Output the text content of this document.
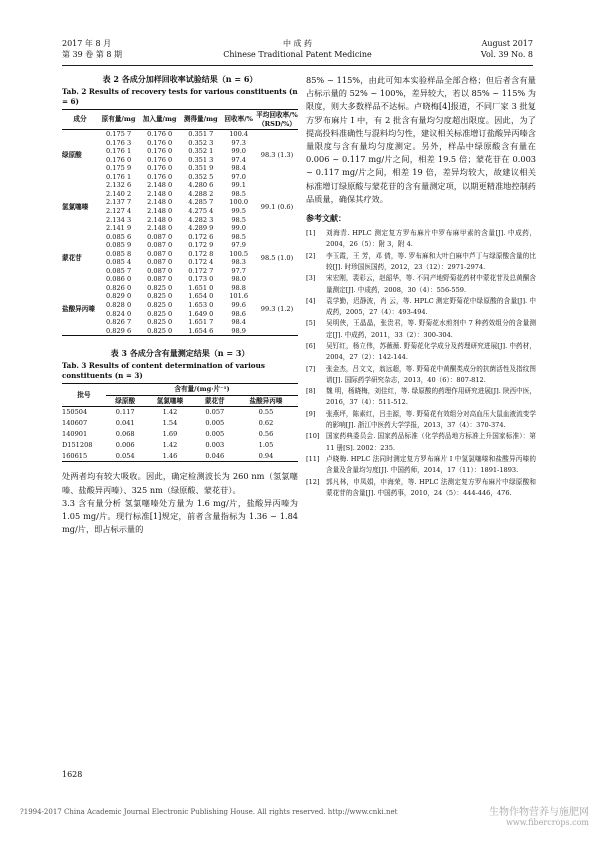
2017 年 8 月
第 39 卷 第 8 期
中 成 药
Chinese Traditional Patent Medicine
August 2017
Vol. 39 No. 8
表 2 各成分加样回收率试验结果（n = 6）
Tab. 2 Results of recovery tests for various constituents (n = 6)
成分	原有量/mg	加入量/mg	测得量/mg	回收率/%	平均回收率/%（RSD/%）
绿原酸	0.175 7	0.176 0	0.351 7	100.4	98.3 (1.3)
	0.176 3	0.176 0	0.352 3	97.3	
	0.176 1	0.176 0	0.352 1	99.0	
	0.176 0	0.176 0	0.351 3	97.4	
	0.175 9	0.176 0	0.351 9	98.4	
	0.176 1	0.176 0	0.352 5	97.0	
氢氯噻嗪	2.132 6	2.148 0	4.280 6	99.1	99.1 (0.6)
	2.140 2	2.148 0	4.288 2	98.5	
	2.137 7	2.148 0	4.285 7	100.0	
	2.127 4	2.148 0	4.275 4	99.5	
	2.134 3	2.148 0	4.282 3	98.5	
	2.141 9	2.148 0	4.289 9	99.0	
蒙花苷	0.085 6	0.087 0	0.172 6	98.5	98.5 (1.0)
	0.085 9	0.087 0	0.172 9	97.9	
	0.085 8	0.087 0	0.172 8	100.5	
	0.085 4	0.087 0	0.172 4	98.3	
	0.085 7	0.087 0	0.172 7	97.7	
	0.086 0	0.087 0	0.173 0	98.0	
盐酸异丙嗪	0.826 0	0.825 0	1.651 0	98.8	99.3 (1.2)
	0.829 0	0.825 0	1.654 0	101.6	
	0.828 0	0.825 0	1.653 0	99.6	
	0.824 0	0.825 0	1.649 0	98.6	
	0.826 7	0.825 0	1.651 7	98.4	
	0.829 6	0.825 0	1.654 6	98.9	
表 3 各成分含有量测定结果（n = 3）
Tab. 3 Results of content determination of various constituents (n = 3)
批号	含有量/(mg·片⁻¹)			
	绿原酸	氢氯噻嗪	蒙花苷	盐酸异丙嗪
150504	0.117	1.42	0.057	0.55
140607	0.041	1.54	0.005	0.62
140901	0.068	1.69	0.005	0.56
D151208	0.006	1.42	0.003	1.05
160615	0.054	1.46	0.046	0.94

处两者均有较大吸收。因此，确定检测波长为 260 nm（氢氯噻嗪、盐酸异丙嗪）、325 nm（绿原酸、蒙花苷）。

3.3 含有量分析 氢氯噻嗪处方量为 1.6 mg/片，盐酸异丙嗪为 1.05 mg/片。现行标准[1]规定，前者含量指标为 1.36 ~ 1.84 mg/片，即占标示量的

85% ~ 115%，由此可知本实验样品全部合格；但后者含有量占标示量的 52% ~ 100%，差异较大，若以 85% ~ 115% 为限度，则大多数样品不达标。卢晓梅[4]报道，不同厂家 3 批复方罗布麻片 I 中，有 2 批含有量均匀度超出限度。因此，为了提高投料准确性与混料均匀性，建议相关标准增订盐酸异丙嗪含量限度与含有量均匀度测定。另外，样品中绿原酸含有量在 0.006 ~ 0.117 mg/片之间，相差 19.5 倍；蒙花苷在 0.003 ~ 0.117 mg/片之间，相差 19 倍，差异均较大，故建议相关标准增订绿原酸与蒙花苷的含有量测定项，以期更精准地控制药品质量，确保其疗效。

参考文献：
[1]	刘海青. HPLC 测定复方罗布麻片中罗布麻甲素的含量[J]. 中成药，2004，26（5）：附 3，附 4.
[2]	李玉霞，王 芳，邓 倩，等. 罗布麻和大叶白麻中芦丁与绿原酸含量的比较[J]. 时珍国医国药，2012，23（12）：2971-2974.
[3]	宋宏刚，裴彩云，赵韶华，等. 不同产地野菊花药材中蒙花苷及总黄酮含量测定[J]. 中成药，2008，30（4）：556-559.
[4]	袁学勤，迟静波，肖 云，等. HPLC 测定野菊花中绿原酸的含量[J]. 中成药，2005，27（4）：493-494.
[5]	吴明侠，王晶晶，张贵君，等. 野菊花水煎剂中 7 种药效组分的含量测定[J]. 中成药，2011，33（2）：300-304.
[6]	吴钉红，杨立伟，苏薇薇. 野菊花化学成分及药理研究进展[J]. 中药材，2004，27（2）：142-144.
[7]	张金杰，吕文文，翁远超，等. 野菊花中黄酮类成分的抗菌活性及指纹图谱[J]. 国际药学研究杂志，2013，40（6）：807-812.
[8]	魏 明，杨晓梅，刘佳红，等. 绿原酸的药理作用研究进展[J]. 陕西中医，2016，37（4）：511-512.
[9]	张燕坪，陈素红，吕圭源，等. 野菊花有效组分对高血压大鼠血液流变学的影响[J]. 浙江中医药大学学报，2013，37（4）：370-374.
[10] 国家药典委员会. 国家药品标准（化学药品地方标准上升国家标准）：第 11 册[S]. 2002：235.
[11] 卢晓梅. HPLC 法同时测定复方罗布麻片 I 中氢氯噻嗪和盐酸异丙嗪的含量及含量均匀度[J]. 中国药师，2014，17（11）：1891-1893.
[12] 郭凡林，申凤娟，申海荣，等. HPLC 法测定复方罗布麻片中绿原酸和蒙花苷的含量[J]. 中国药事，2010，24（5）：444-446，476.
1628
?1994-2017 China Academic Journal Electronic Publishing House. All rights reserved. http://www.cnki.net	生物作物营养与施肥网
www.fibercrops.com
